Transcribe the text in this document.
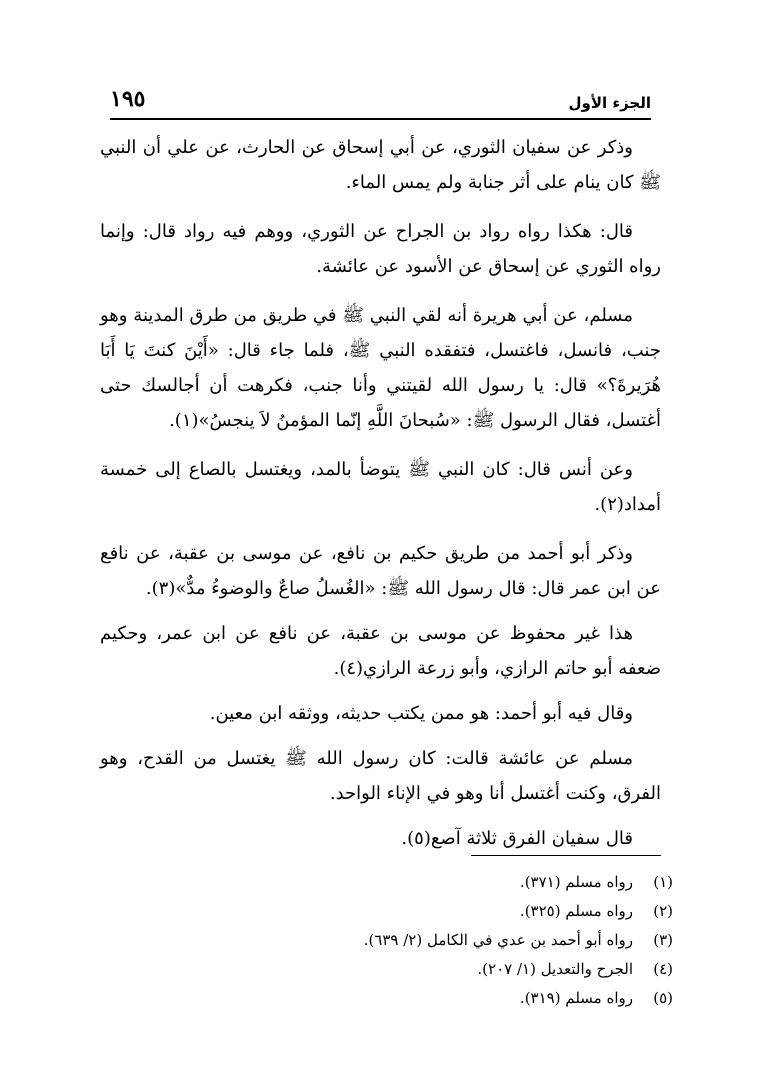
١٩٥	الجزء الأول

وذكر عن سفيان الثوري، عن أبي إسحاق عن الحارث، عن علي أن النبي ﷺ كان ينام على أثر جنابة ولم يمس الماء.

قال: هكذا رواه رواد بن الجراح عن الثوري، ووهم فيه رواد قال: وإنما رواه الثوري عن إسحاق عن الأسود عن عائشة.

مسلم، عن أبي هريرة أنه لقي النبي ﷺ في طريق من طرق المدينة وهو جنب، فانسل، فاغتسل، فتفقده النبي ﷺ، فلما جاء قال: «أَيْنَ كنتَ يَا أَبَا هُرَيرةَ؟» قال: يا رسول الله لقيتني وأنا جنب، فكرهت أن أجالسك حتى أغتسل، فقال الرسول ﷺ: «سُبحانَ اللَّهِ إنّما المؤمنُ لاَ ينجسُ»(١).

وعن أنس قال: كان النبي ﷺ يتوضأ بالمد، ويغتسل بالصاع إلى خمسة أمداد(٢).

وذكر أبو أحمد من طريق حكيم بن نافع، عن موسى بن عقبة، عن نافع عن ابن عمر قال: قال رسول الله ﷺ: «الغُسلُ صاعٌ والوضوءُ مدٌّ»(٣).

هذا غير محفوظ عن موسى بن عقبة، عن نافع عن ابن عمر، وحكيم ضعفه أبو حاتم الرازي، وأبو زرعة الرازي(٤).

وقال فيه أبو أحمد: هو ممن يكتب حديثه، ووثقه ابن معين.

مسلم عن عائشة قالت: كان رسول الله ﷺ يغتسل من القدح، وهو الفرق، وكنت أغتسل أنا وهو في الإناء الواحد.

قال سفيان الفرق ثلاثة آصع(٥).

(١)
رواه مسلم (٣٧١).
(٢)
رواه مسلم (٣٢٥).
(٣)
رواه أبو أحمد بن عدي في الكامل (٢/ ٦٣٩).
(٤)
الجرح والتعديل (١/ ٢٠٧).
(٥)
رواه مسلم (٣١٩).
